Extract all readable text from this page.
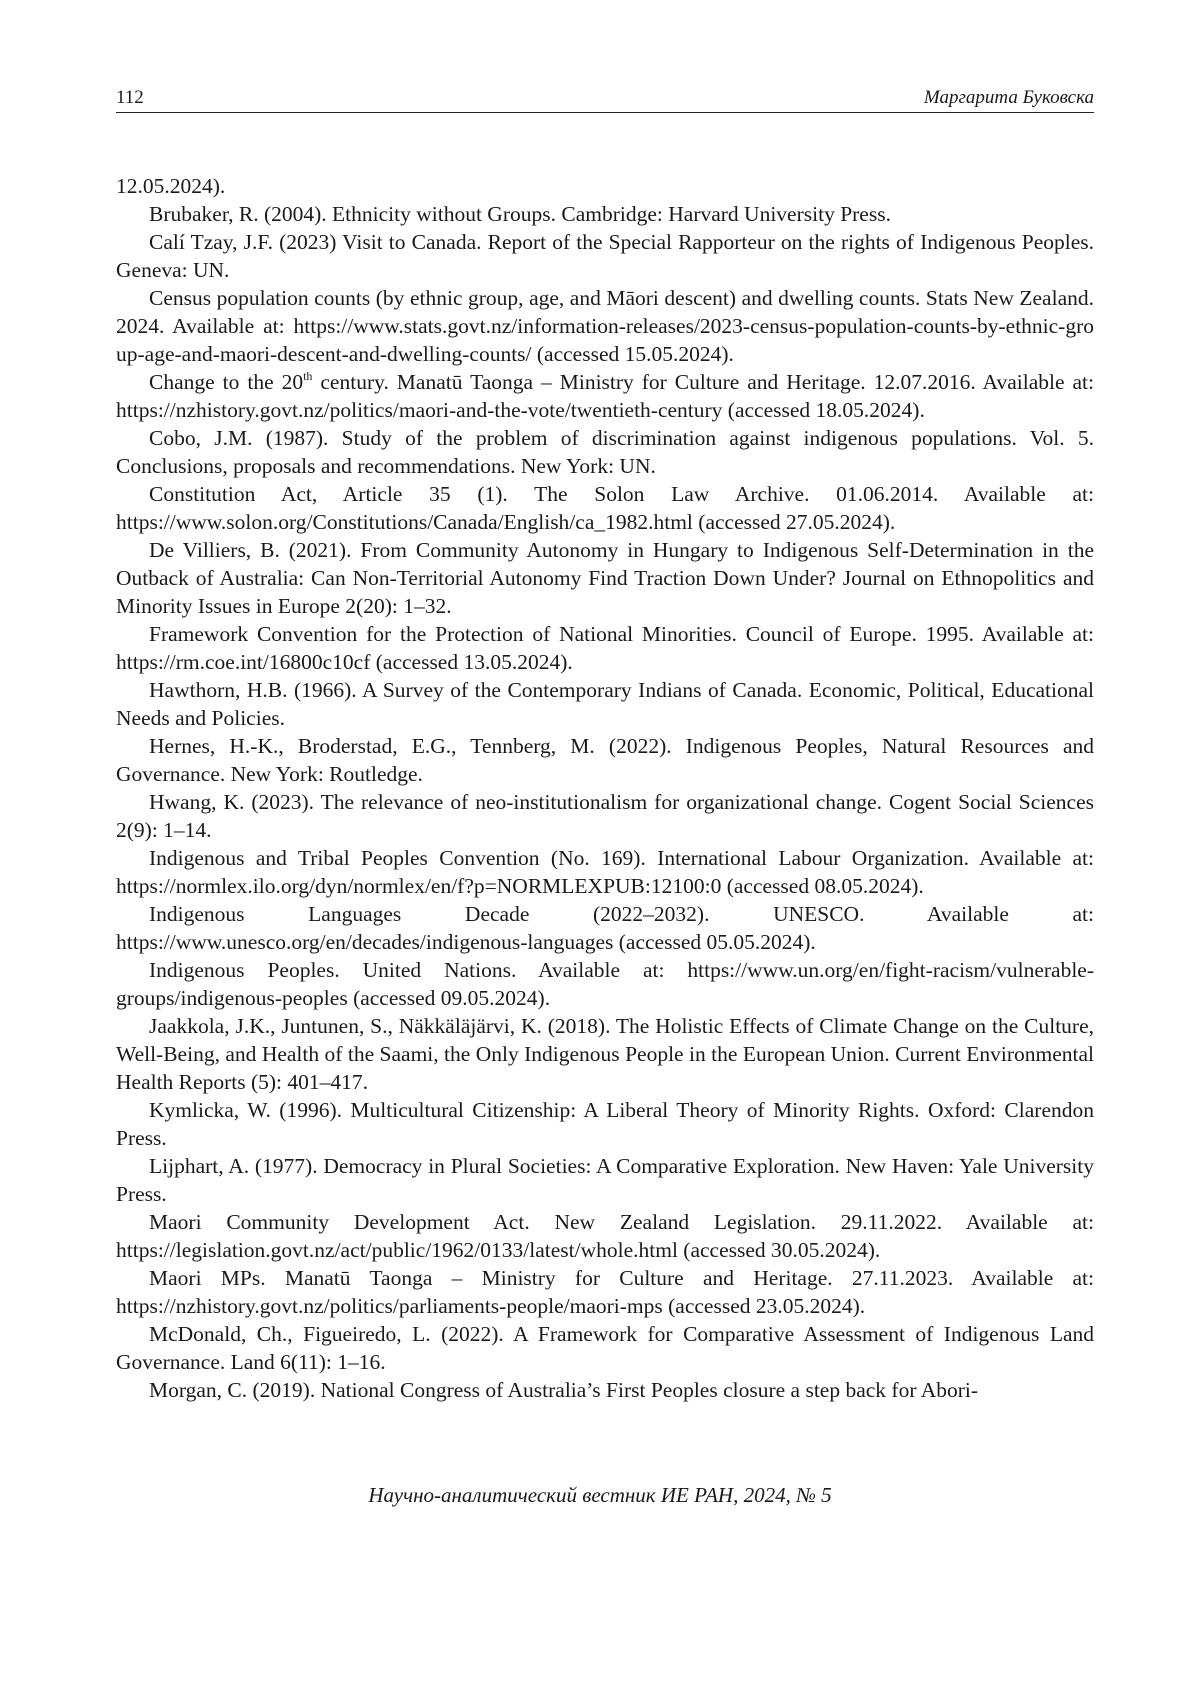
112	Маргарита Буковска

12.05.2024).

Brubaker, R. (2004). Ethnicity without Groups. Cambridge: Harvard University Press.

Calí Tzay, J.F. (2023) Visit to Canada. Report of the Special Rapporteur on the rights of Indigenous Peoples. Geneva: UN.

Census population counts (by ethnic group, age, and Māori descent) and dwelling counts. Stats New Zealand. 2024. Available at: https://www.stats.govt.nz/information-releases/2023-census-population-counts-by-ethnic-group-age-and-maori-descent-and-dwelling-counts/ (accessed 15.05.2024).

Change to the 20th century. Manatū Taonga – Ministry for Culture and Heritage. 12.07.2016. Available at: https://nzhistory.govt.nz/politics/maori-and-the-vote/twentieth-century (accessed 18.05.2024).

Cobo, J.M. (1987). Study of the problem of discrimination against indigenous populations. Vol. 5. Conclusions, proposals and recommendations. New York: UN.

Constitution Act, Article 35 (1). The Solon Law Archive. 01.06.2014. Available at: https://www.solon.org/Constitutions/Canada/English/ca_1982.html (accessed 27.05.2024).

De Villiers, B. (2021). From Community Autonomy in Hungary to Indigenous Self-Determination in the Outback of Australia: Can Non-Territorial Autonomy Find Traction Down Under? Journal on Ethnopolitics and Minority Issues in Europe 2(20): 1–32.

Framework Convention for the Protection of National Minorities. Council of Europe. 1995. Available at: https://rm.coe.int/16800c10cf (accessed 13.05.2024).

Hawthorn, H.B. (1966). A Survey of the Contemporary Indians of Canada. Economic, Political, Educational Needs and Policies.

Hernes, H.-K., Broderstad, E.G., Tennberg, M. (2022). Indigenous Peoples, Natural Resources and Governance. New York: Routledge.

Hwang, K. (2023). The relevance of neo-institutionalism for organizational change. Cogent Social Sciences 2(9): 1–14.

Indigenous and Tribal Peoples Convention (No. 169). International Labour Organization. Available at: https://normlex.ilo.org/dyn/normlex/en/f?p=NORMLEXPUB:12100:0 (accessed 08.05.2024).

Indigenous Languages Decade (2022–2032). UNESCO. Available at: https://www.unesco.org/en/decades/indigenous-languages (accessed 05.05.2024).

Indigenous Peoples. United Nations. Available at: https://www.un.org/en/fight-racism/vulnerable-groups/indigenous-peoples (accessed 09.05.2024).

Jaakkola, J.K., Juntunen, S., Näkkäläjärvi, K. (2018). The Holistic Effects of Climate Change on the Culture, Well-Being, and Health of the Saami, the Only Indigenous People in the European Union. Current Environmental Health Reports (5): 401–417.

Kymlicka, W. (1996). Multicultural Citizenship: A Liberal Theory of Minority Rights. Oxford: Clarendon Press.

Lijphart, A. (1977). Democracy in Plural Societies: A Comparative Exploration. New Haven: Yale University Press.

Maori Community Development Act. New Zealand Legislation. 29.11.2022. Available at: https://legislation.govt.nz/act/public/1962/0133/latest/whole.html (accessed 30.05.2024).

Maori MPs. Manatū Taonga – Ministry for Culture and Heritage. 27.11.2023. Available at: https://nzhistory.govt.nz/politics/parliaments-people/maori-mps (accessed 23.05.2024).

McDonald, Ch., Figueiredo, L. (2022). A Framework for Comparative Assessment of Indigenous Land Governance. Land 6(11): 1–16.

Morgan, C. (2019). National Congress of Australia’s First Peoples closure a step back for Abori-

Научно-аналитический вестник ИЕ РАН, 2024, № 5
